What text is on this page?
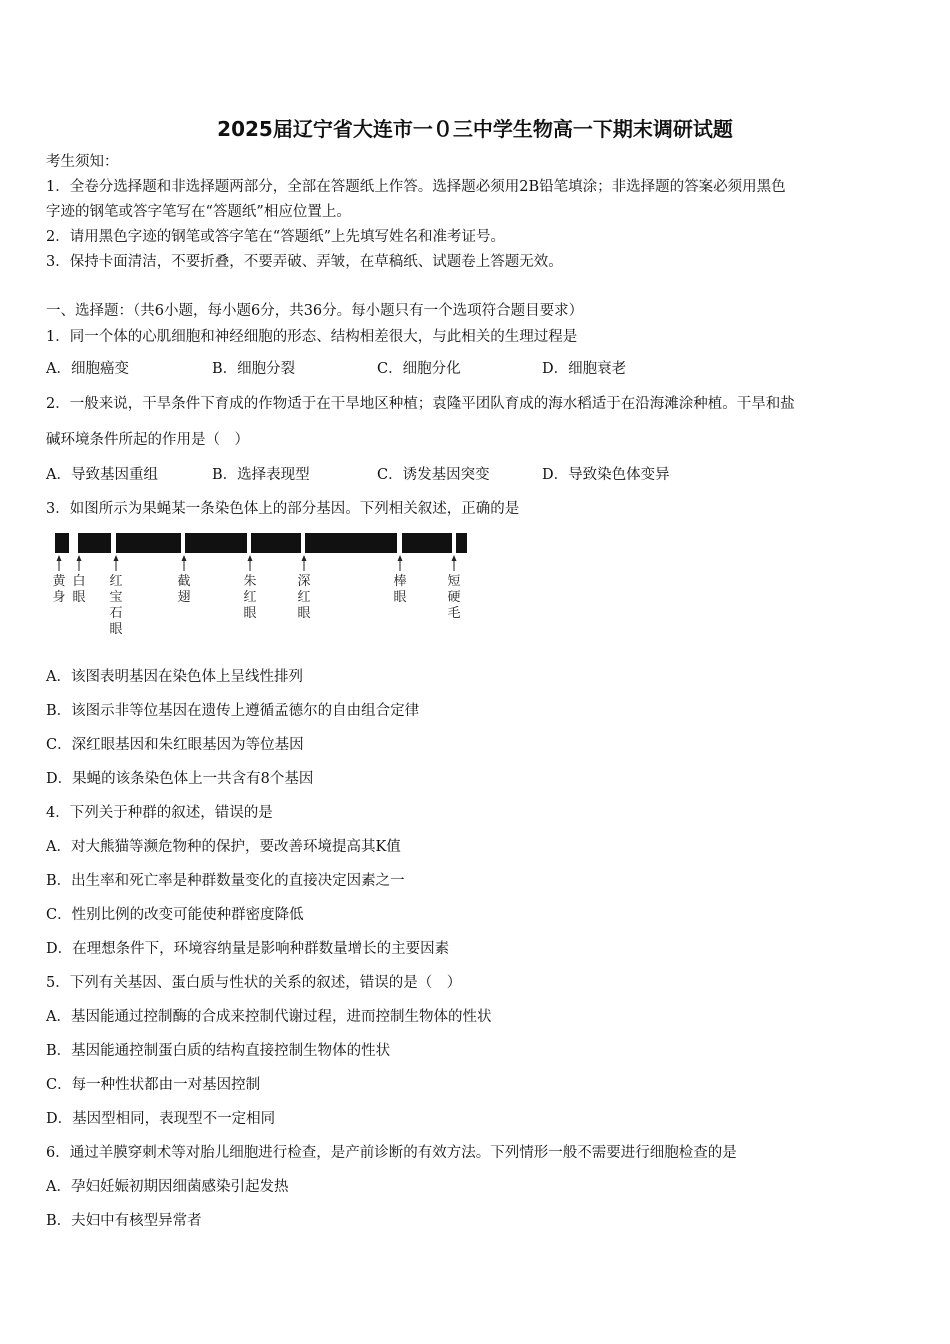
2025届辽宁省大连市一０三中学生物高一下期末调研试题
考生须知：
1．全卷分选择题和非选择题两部分，全部在答题纸上作答。选择题必须用2B铅笔填涂；非选择题的答案必须用黑色
字迹的钢笔或答字笔写在“答题纸”相应位置上。
2．请用黑色字迹的钢笔或答字笔在“答题纸”上先填写姓名和准考证号。
3．保持卡面清洁，不要折叠，不要弄破、弄皱，在草稿纸、试题卷上答题无效。
一、选择题：（共6小题，每小题6分，共36分。每小题只有一个选项符合题目要求）
1．同一个体的心肌细胞和神经细胞的形态、结构相差很大，与此相关的生理过程是
A．细胞癌变	B．细胞分裂	C．细胞分化	D．细胞衰老
2．一般来说，干旱条件下育成的作物适于在干旱地区种植；袁隆平团队育成的海水稻适于在沿海滩涂种植。干旱和盐
碱环境条件所起的作用是（　）
A．导致基因重组	B．选择表现型	C．诱发基因突变	D．导致染色体变异
3．如图所示为果蝇某一条染色体上的部分基因。下列相关叙述，正确的是
黄身
白眼
红宝石眼
截翅
朱红眼
深红眼
棒眼
短硬毛
A．该图表明基因在染色体上呈线性排列
B．该图示非等位基因在遗传上遵循孟德尔的自由组合定律
C．深红眼基因和朱红眼基因为等位基因
D．果蝇的该条染色体上一共含有8个基因
4．下列关于种群的叙述，错误的是
A．对大熊猫等濒危物种的保护，要改善环境提高其K值
B．出生率和死亡率是种群数量变化的直接决定因素之一
C．性别比例的改变可能使种群密度降低
D．在理想条件下，环境容纳量是影响种群数量增长的主要因素
5．下列有关基因、蛋白质与性状的关系的叙述，错误的是（　）
A．基因能通过控制酶的合成来控制代谢过程，进而控制生物体的性状
B．基因能通控制蛋白质的结构直接控制生物体的性状
C．每一种性状都由一对基因控制
D．基因型相同，表现型不一定相同
6．通过羊膜穿刺术等对胎儿细胞进行检查，是产前诊断的有效方法。下列情形一般不需要进行细胞检查的是
A．孕妇妊娠初期因细菌感染引起发热
B．夫妇中有核型异常者
